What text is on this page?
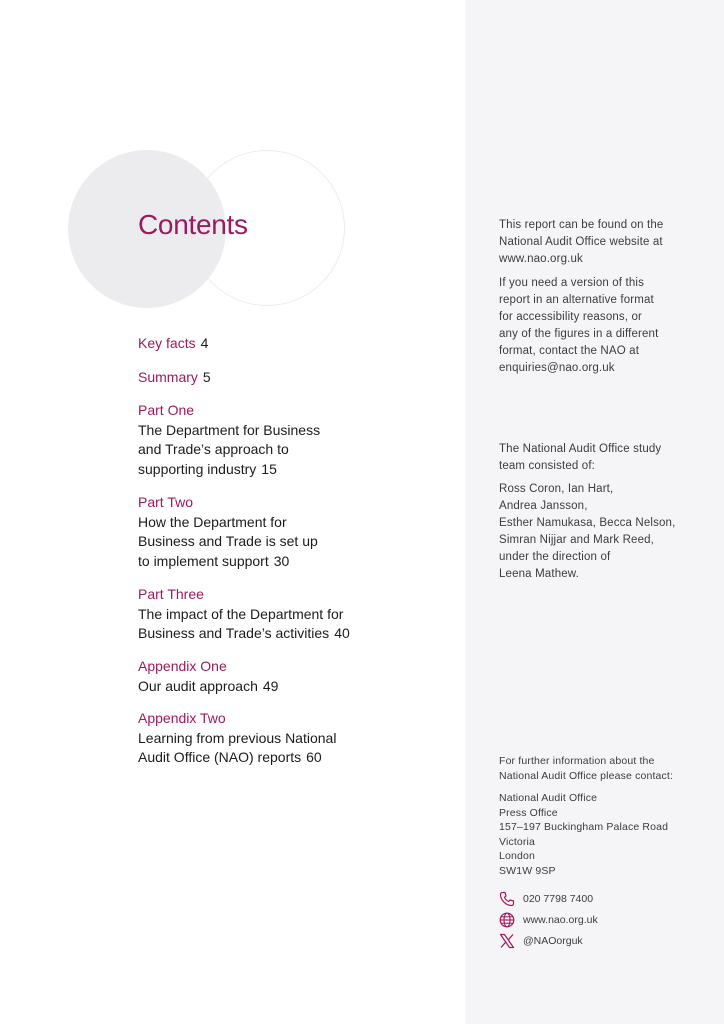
Contents
Key facts 4
Summary 5
Part One
The Department for Business
and Trade’s approach to
supporting industry 15
Part Two
How the Department for
Business and Trade is set up
to implement support 30
Part Three
The impact of the Department for
Business and Trade’s activities 40
Appendix One
Our audit approach 49
Appendix Two
Learning from previous National
Audit Office (NAO) reports 60

This report can be found on the
National Audit Office website at
www.nao.org.uk

If you need a version of this
report in an alternative format
for accessibility reasons, or
any of the figures in a different
format, contact the NAO at
enquiries@nao.org.uk
The National Audit Office study
team consisted of:
Ross Coron, Ian Hart,
Andrea Jansson,
Esther Namukasa, Becca Nelson,
Simran Nijjar and Mark Reed,
under the direction of
Leena Mathew.
For further information about the
National Audit Office please contact:
National Audit Office
Press Office
157–197 Buckingham Palace Road
Victoria
London
SW1W 9SP
020 7798 7400
www.nao.org.uk
@NAOorguk
